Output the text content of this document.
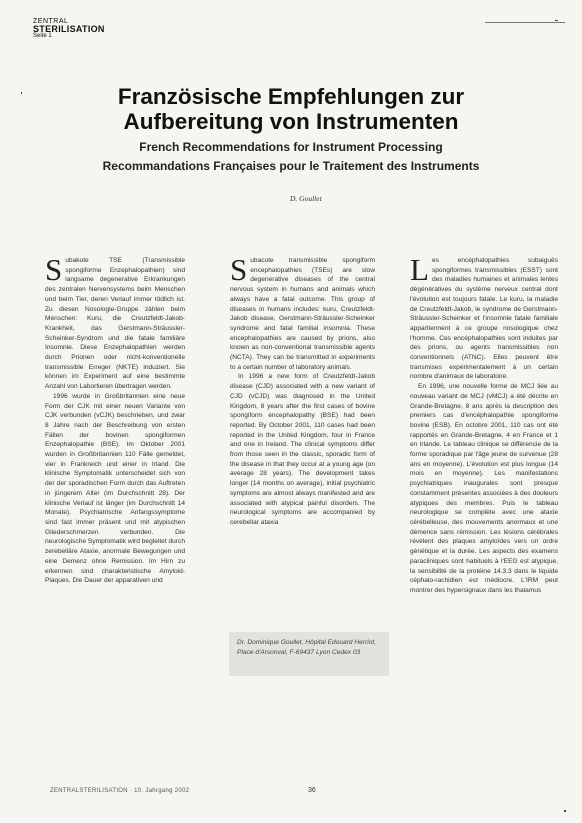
ZENTRAL
STERILISATION
Seite 1
Französische Empfehlungen zur
Aufbereitung von Instrumenten
French Recommendations for Instrument Processing
Recommandations Françaises pour le Traitement des Instruments
D. Goullet
S ubakute TSE (Transmissible spongiforme Enzephalopathien) sind langsame degenerative Erkrankungen des zentralen Nervensystems beim Menschen und beim Tier, deren Verlauf immer tödlich ist. Zu diesen Nosologie-Gruppe zählen beim Menschen: Kuru, die Creutzfeldt-Jakob-Krankheit, das Gerstmann-Sträussler-Scheinker-Syndrom und die fatale familiäre Insomnie. Diese Enzephalopathien werden durch Prionen oder nicht-konventionelle transmissible Erreger (NKTE) induziert. Sie können im Experiment auf eine bestimmte Anzahl von Labortieren übertragen werden.

1996 wurde in Großbritannien eine neue Form der CJK mit einer neuen Variante von CJK verbunden (vCJK) beschrieben, und zwar 8 Jahre nach der Beschreibung von ersten Fällen der bovinen spongiformen Enzephalopathie (BSE). Im Oktober 2001 wurden in Großbritannien 110 Fälle gemeldet, vier in Frankreich und einer in Irland. Die klinische Symptomatik unterscheidet sich von der der sporadischen Form durch das Auftreten in jüngerem Alter (im Durchschnitt 28). Der klinische Verlauf ist länger (im Durchschnitt 14 Monate). Psychiatrische Anfangssymptome sind fast immer präsent und mit atypischen Gliederschmerzen verbunden. Die neurologische Symptomatik wird begleitet durch zerebelläre Ataxie, anormale Bewegungen und eine Demenz ohne Remission. Im Hirn zu erkennen sind charakteristische Amyloid-Plaques. Die Dauer der apparativen und

S ubacute transmissible spongiform encephalopathies (TSEs) are slow degenerative diseases of the central nervous system in humans and animals which always have a fatal outcome. This group of diseases in humans includes: kuru, Creutzfeldt-Jakob disease, Gerstmann-Sträussler-Scheinker syndrome and fatal familial insomnia. These encephalopathies are caused by prions, also known as non-conventional transmissible agents (NCTA). They can be transmitted in experiments to a certain number of laboratory animals.

In 1996 a new form of Creutzfeldt-Jakob disease (CJD) associated with a new variant of CJD (vCJD) was diagnosed in the United Kingdom, 8 years after the first cases of bovine spongiform encephalopathy (BSE) had been reported. By October 2001, 110 cases had been reported in the United Kingdom, four in France and one in Ireland. The clinical symptoms differ from those seen in the classic, sporadic form of the disease in that they occur at a young age (on average 28 years). The development takes longer (14 months on average), initial psychiatric symptoms are almost always manifested and are associated with atypical painful disorders. The neurological symptoms are accompanied by cerebellar ataxia

L es encéphalopathies subaiguës spongiformes transmissibles (ESST) sont des maladies humaines et animales lentes dégénératives du système nerveux central dont l'évolution est toujours fatale. Le kuru, la maladie de Creutzfeldt-Jakob, le syndrome de Gerstmann-Sträussler-Scheinker et l'insomnie fatale familiale appartiennent à ce groupe nosologique chez l'homme. Ces encéphalopathies sont induites par des prions, ou agents transmissibles non conventionnels (ATNC). Elles peuvent être transmises expérimentalement à un certain nombre d'animaux de laboratoire.

En 1996, une nouvelle forme de MCJ liée au nouveau variant de MCJ (vMCJ) a été décrite en Grande-Bretagne, 8 ans après la description des premiers cas d'encéphalopathie spongiforme bovine (ESB). En octobre 2001, 110 cas ont été rapportés en Grande-Bretagne, 4 en France et 1 en Irlande. Le tableau clinique se différencie de la forme sporadique par l'âge jeune de survenue (28 ans en moyenne). L'évolution est plus longue (14 mois en moyenne). Les manifestations psychiatriques inaugurales sont presque constamment présentes associées à des douleurs atypiques des membres. Puis le tableau neurologique se complète avec une ataxie cérébelleuse, des mouvements anormaux et une démence sans rémission. Les lésions cérébrales révèlent des plaques amyloïdes vers un ordre génétique et la durée. Les aspects des examens paracliniques sont habituels à l'EEG est atypique, la sensibilité de la protéine 14.3.3 dans le liquide céphalo-rachidien est médiocre. L'IRM peut montrer des hypersignaux dans les thalamus

Dr. Dominique Goullet, Hôpital Edouard Herriot, Place d'Arsonval, F-69437 Lyon Cedex 03
ZENTRALSTERILISATION · 10. Jahrgang 2002	36
